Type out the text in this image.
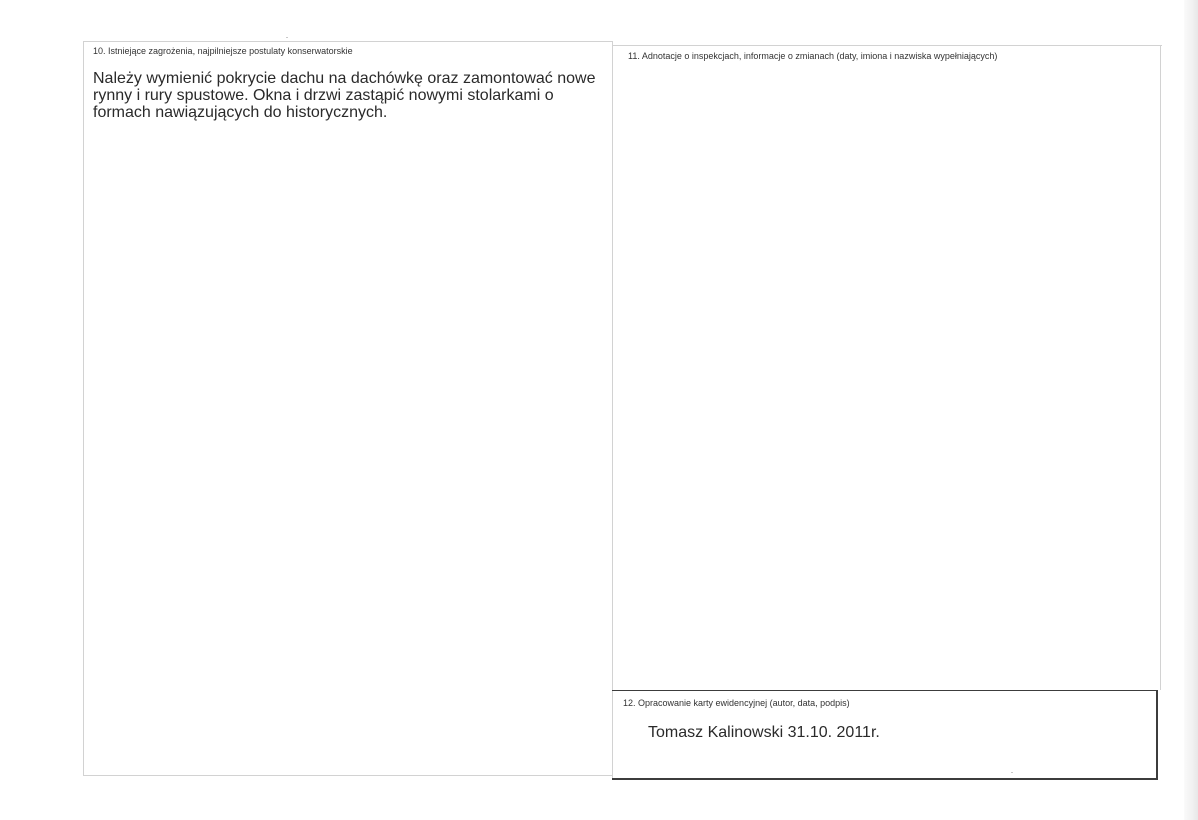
10. Istniejące zagrożenia, najpilniejsze postulaty konserwatorskie
Należy wymienić pokrycie dachu na dachówkę oraz zamontować nowe rynny i rury spustowe. Okna i drzwi zastąpić nowymi stolarkami o formach nawiązujących do historycznych.
11. Adnotacje o inspekcjach, informacje o zmianach (daty, imiona i nazwiska wypełniających)
12. Opracowanie karty ewidencyjnej (autor, data, podpis)
Tomasz Kalinowski 31.10. 2011r.
